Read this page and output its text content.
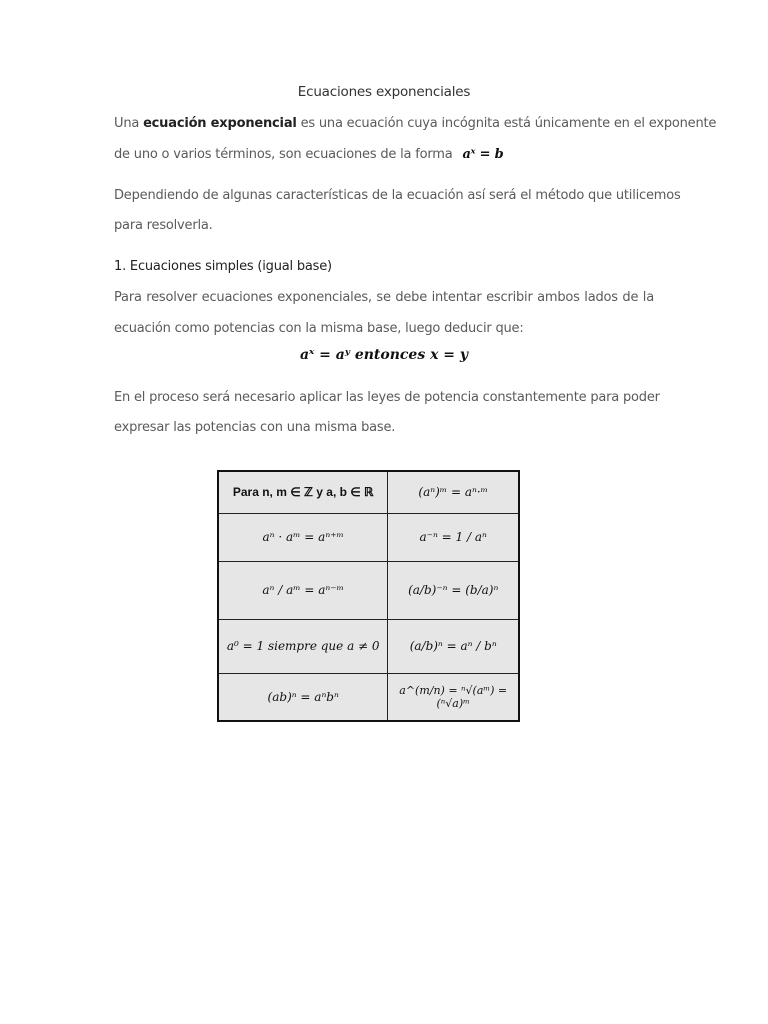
Ecuaciones exponenciales
Una ecuación exponencial es una ecuación cuya incógnita está únicamente en el exponente
de uno o varios términos, son ecuaciones de la forma 𝒂ˣ = 𝒃
Dependiendo de algunas características de la ecuación así será el método que utilicemos
para resolverla.
1. Ecuaciones simples (igual base)
Para resolver ecuaciones exponenciales, se debe intentar escribir ambos lados de la
ecuación como potencias con la misma base, luego deducir que:
aˣ = aʸ entonces x = y
En el proceso será necesario aplicar las leyes de potencia constantemente para poder
expresar las potencias con una misma base.
Para n, m ∈ ℤ y a, b ∈ ℝ	(aⁿ)ᵐ = aⁿ·ᵐ
aⁿ · aᵐ = aⁿ⁺ᵐ	a⁻ⁿ = 1 / aⁿ
aⁿ / aᵐ = aⁿ⁻ᵐ	(a/b)⁻ⁿ = (b/a)ⁿ
a⁰ = 1 siempre que a ≠ 0	(a/b)ⁿ = aⁿ / bⁿ
(ab)ⁿ = aⁿbⁿ	a^(m/n) = ⁿ√(aᵐ) = (ⁿ√a)ᵐ
